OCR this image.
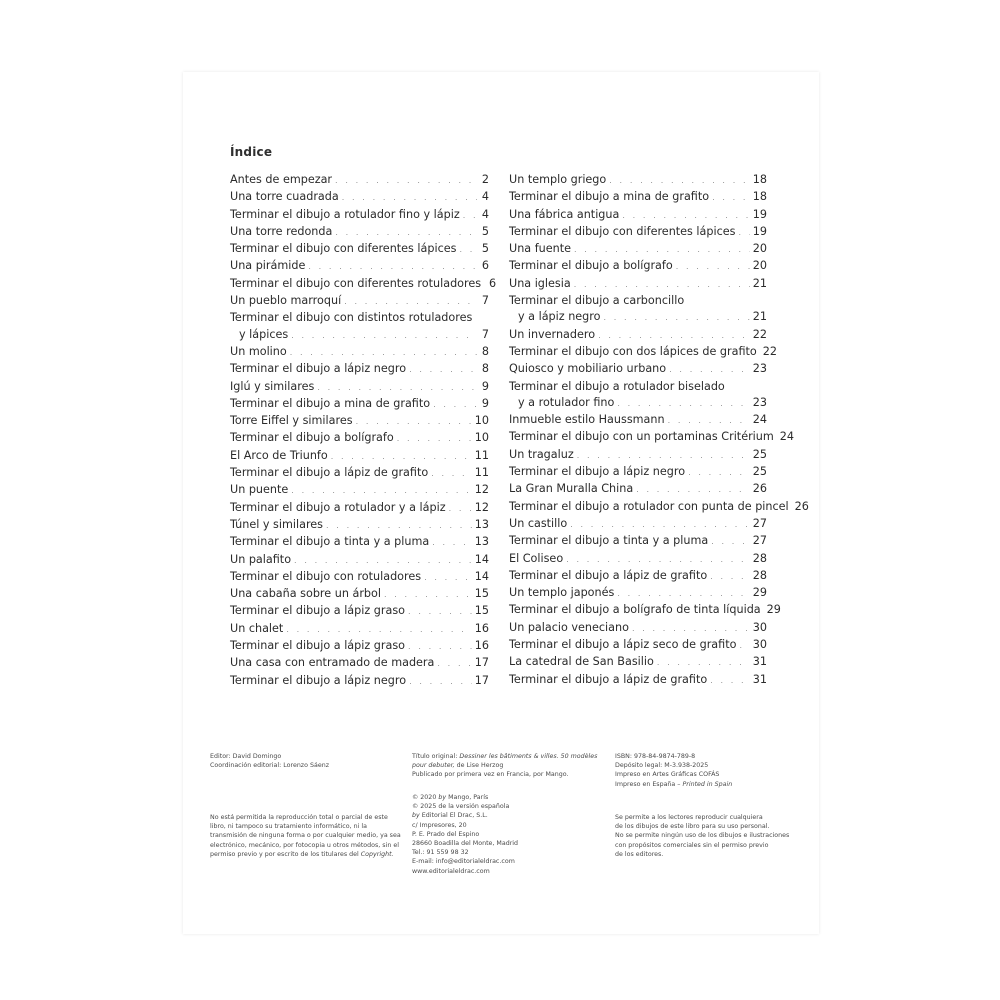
Índice
Antes de empezar . . .	2
Una torre cuadrada . . .	4
Terminar el dibujo a rotulador fino y lápiz . . . 4
Una torre redonda . . .	5
Terminar el dibujo con diferentes lápices . . . 5
Una pirámide . . .	6
Terminar el dibujo con diferentes rotuladores 6
Un pueblo marroquí . . .	7
Terminar el dibujo con distintos rotuladores
y lápices . . .	7
Un molino . . .	8
Terminar el dibujo a lápiz negro . . .	8
Iglú y similares . . .	9
Terminar el dibujo a mina de grafito . . .	9
Torre Eiffel y similares . . .	10
Terminar el dibujo a bolígrafo . . .	10
El Arco de Triunfo . . .	11
Terminar el dibujo a lápiz de grafito . . .	11
Un puente . . .	12
Terminar el dibujo a rotulador y a lápiz . . .	12
Túnel y similares . . .	13
Terminar el dibujo a tinta y a pluma . . .	13
Un palafito . . .	14
Terminar el dibujo con rotuladores . . .	14
Una cabaña sobre un árbol . . .	15
Terminar el dibujo a lápiz graso . . .	15
Un chalet . . .	16
Terminar el dibujo a lápiz graso . . .	16
Una casa con entramado de madera . . .	17
Terminar el dibujo a lápiz negro . . .	17
Un templo griego . . .	18
Terminar el dibujo a mina de grafito . . .	18
Una fábrica antigua . . .	19
Terminar el dibujo con diferentes lápices . . . 19
Una fuente . . .	20
Terminar el dibujo a bolígrafo . . .	20
Una iglesia . . .	21
Terminar el dibujo a carboncillo
y a lápiz negro . . .	21
Un invernadero . . .	22
Terminar el dibujo con dos lápices de grafito 22
Quiosco y mobiliario urbano . . .	23
Terminar el dibujo a rotulador biselado
y a rotulador fino . . .	23
Inmueble estilo Haussmann . . .	24
Terminar el dibujo con un portaminas Critérium 24
Un tragaluz . . .	25
Terminar el dibujo a lápiz negro . . .	25
La Gran Muralla China . . .	26
Terminar el dibujo a rotulador con punta de pincel 26
Un castillo . . .	27
Terminar el dibujo a tinta y a pluma . . .	27
El Coliseo . . .	28
Terminar el dibujo a lápiz de grafito . . .	28
Un templo japonés . . .	29
Terminar el dibujo a bolígrafo de tinta líquida 29
Un palacio veneciano . . .	30
Terminar el dibujo a lápiz seco de grafito . . . 30
La catedral de San Basilio . . .	31
Terminar el dibujo a lápiz de grafito . . .	31
Editor: David Domingo
Coordinación editorial: Lorenzo Sáenz
No está permitida la reproducción total o parcial de este libro, ni tampoco su tratamiento informático, ni la transmisión de ninguna forma o por cualquier medio, ya sea electrónico, mecánico, por fotocopia u otros métodos, sin el permiso previo y por escrito de los titulares del Copyright.
Título original: Dessiner les bâtiments & villes. 50 modèles
pour debuter, de Lise Herzog
Publicado por primera vez en Francia, por Mango.
© 2020 by Mango, París
© 2025 de la versión española
by Editorial El Drac, S.L.
c/ Impresores, 20
P. E. Prado del Espino
28660 Boadilla del Monte, Madrid
Tel.: 91 559 98 32
E-mail: info@editorialeldrac.com
www.editorialeldrac.com
ISBN: 978-84-9874-789-8
Depósito legal: M-3.938-2025
Impreso en Artes Gráficas COFÁS
Impreso en España – Printed in Spain
Se permite a los lectores reproducir cualquiera
de los dibujos de este libro para su uso personal.
No se permite ningún uso de los dibujos e ilustraciones
con propósitos comerciales sin el permiso previo
de los editores.
